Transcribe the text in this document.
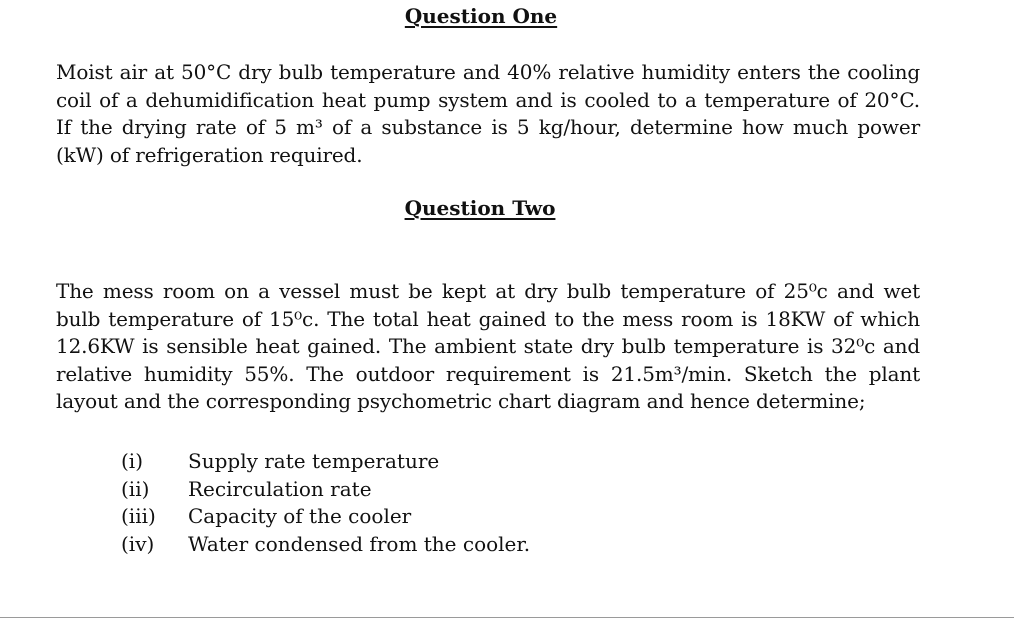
Question One

Moist air at 50°C dry bulb temperature and 40% relative humidity enters the cooling coil of a dehumidification heat pump system and is cooled to a temperature of 20°C. If the drying rate of 5 m³ of a substance is 5 kg/hour, determine how much power (kW) of refrigeration required.

Question Two

The mess room on a vessel must be kept at dry bulb temperature of 25⁰c and wet bulb temperature of 15⁰c. The total heat gained to the mess room is 18KW of which 12.6KW is sensible heat gained. The ambient state dry bulb temperature is 32⁰c and relative humidity 55%. The outdoor requirement is 21.5m³/min. Sketch the plant layout and the corresponding psychometric chart diagram and hence determine;

(i)	Supply rate temperature
(ii)	Recirculation rate
(iii)	Capacity of the cooler
(iv)	Water condensed from the cooler.
